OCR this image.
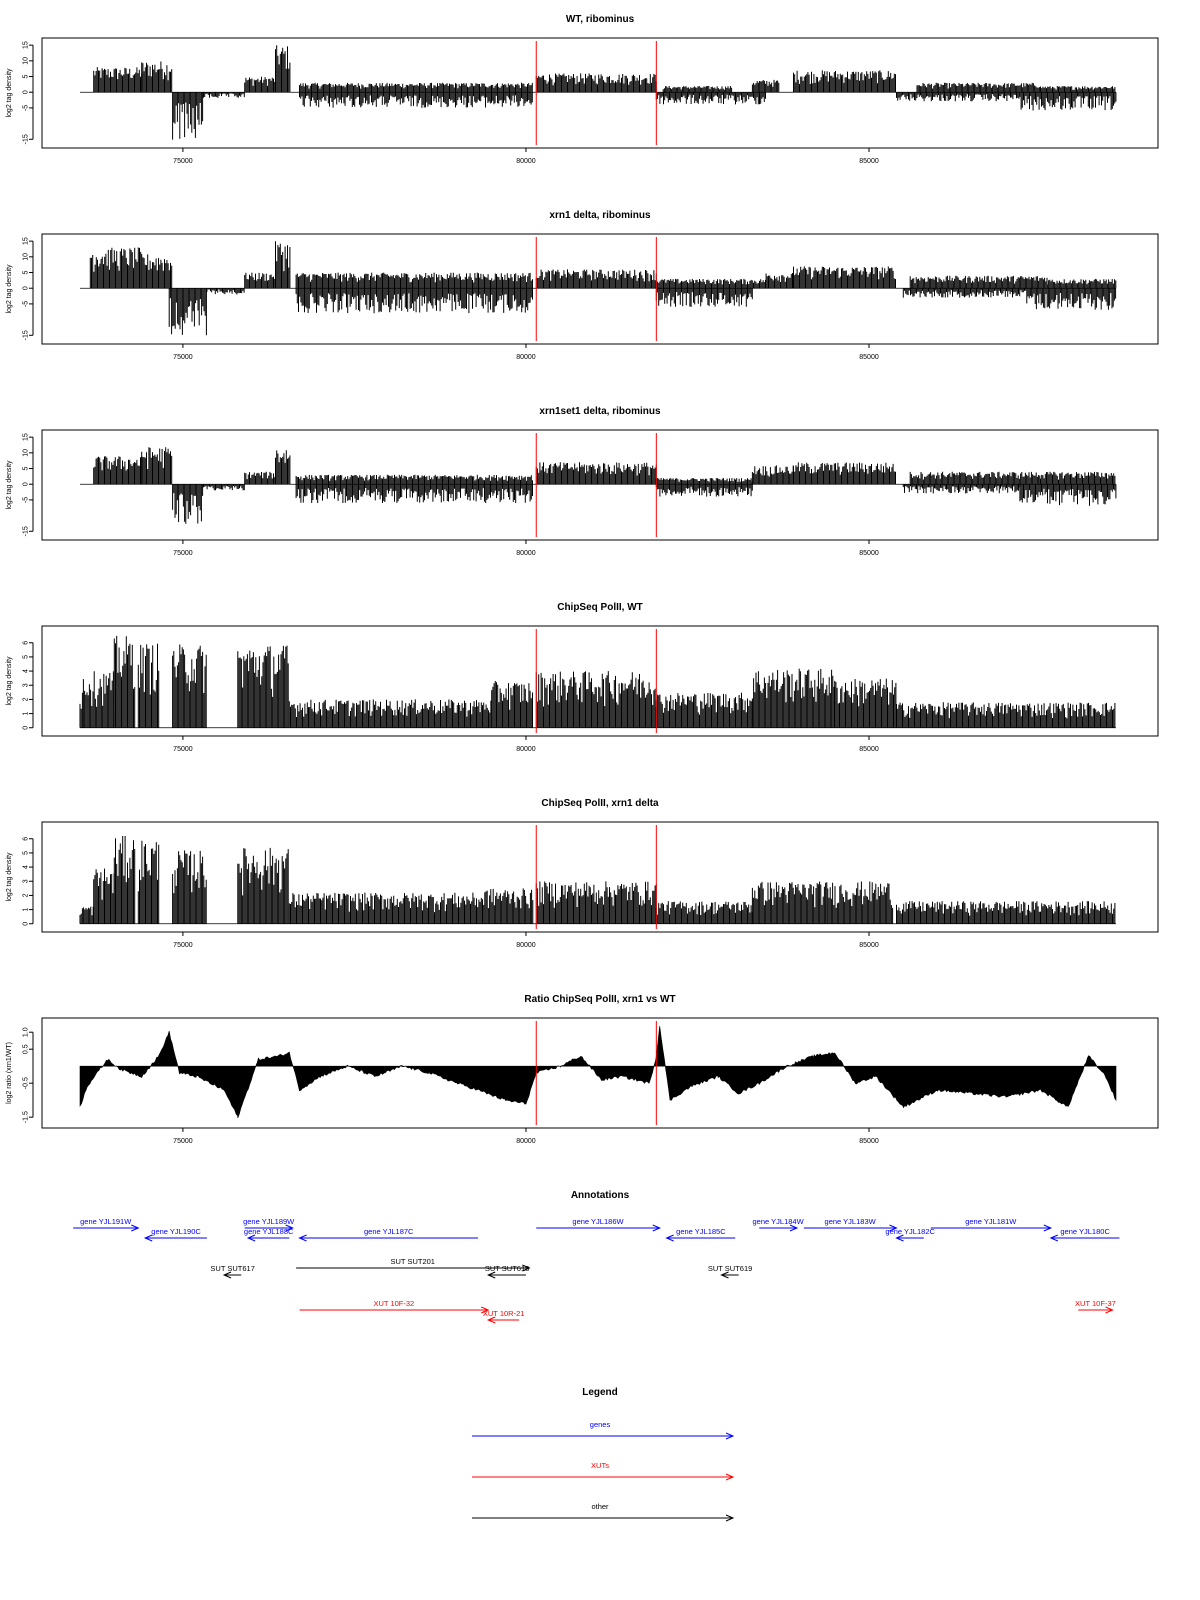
WT, ribominus
-15
-5
0
5
10
15
log2 tag density
75000	80000	85000
xrn1 delta, ribominus
-15
-5
0
5
10
15
log2 tag density
75000	80000	85000
xrn1set1 delta, ribominus
-15
-5
0
5
10
15
log2 tag density
75000	80000	85000
ChipSeq PolII, WT
0
1
2
3
4
5
6
log2 tag density
75000	80000	85000
ChipSeq PolII, xrn1 delta
0
1
2
3
4
5
6
log2 tag density
75000	80000	85000
Ratio ChipSeq PolII, xrn1 vs WT
-1.5
-0.5
0.5
1.0
log2 ratio (xrn1/WT)
75000	80000	85000
Annotations
gene YJL191W
gene YJL190C
gene YJL189W
gene YJL188C	gene YJL187C
gene YJL186W
gene YJL185C
gene YJL184W	gene YJL183W
gene YJL182C
gene YJL181W
gene YJL180C
SUT SUT617
SUT SUT201
SUT SUT618	SUT SUT619
XUT 10F-32
XUT 10R-21
XUT 10F-37
Legend
genes
XUTs
other
